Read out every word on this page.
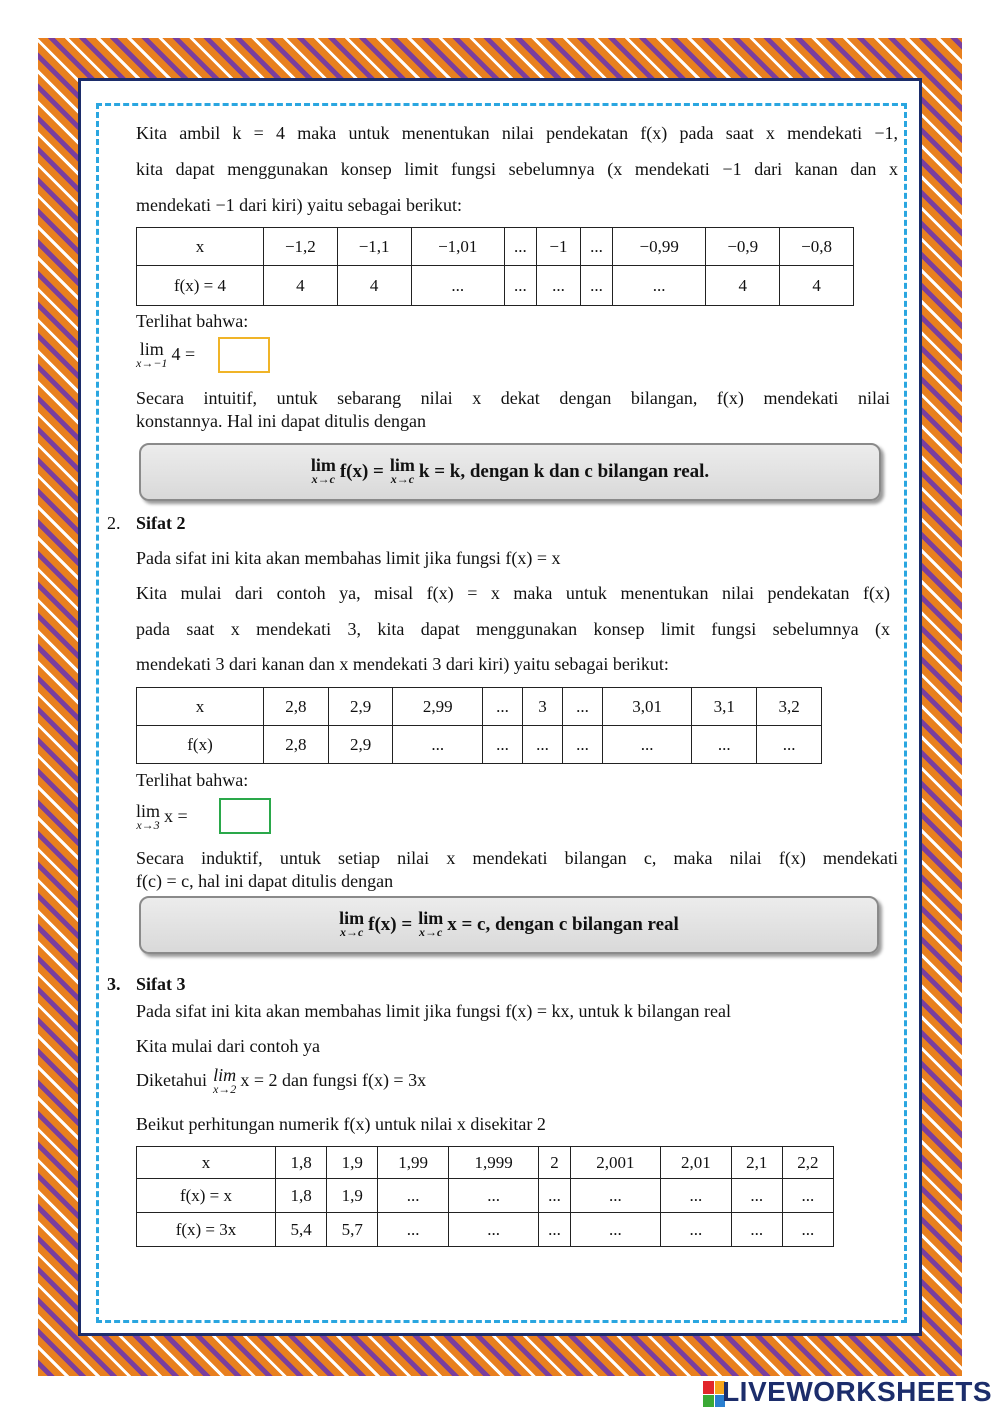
Kita ambil k = 4 maka untuk menentukan nilai pendekatan f(x) pada saat x mendekati −1,
kita dapat menggunakan konsep limit fungsi sebelumnya (x mendekati −1 dari kanan dan x
mendekati −1 dari kiri) yaitu sebagai berikut:
x	−1,2	−1,1	−1,01	...	−1	...	−0,99	−0,9	−0,8
f(x) = 4	4	4	...	...	...	...	...	4	4
Terlihat bahwa:
lim
x→−1 4 =
Secara intuitif, untuk sebarang nilai x dekat dengan bilangan, f(x) mendekati nilai
konstannya. Hal ini dapat ditulis dengan
lim
x→c f(x) = lim
x→c k = k, dengan k dan c bilangan real.
2. Sifat 2
Pada sifat ini kita akan membahas limit jika fungsi f(x) = x
Kita mulai dari contoh ya, misal f(x) = x maka untuk menentukan nilai pendekatan f(x)
pada saat x mendekati 3, kita dapat menggunakan konsep limit fungsi sebelumnya (x
mendekati 3 dari kanan dan x mendekati 3 dari kiri) yaitu sebagai berikut:
x	2,8	2,9	2,99	...	3	...	3,01	3,1	3,2
f(x)	2,8	2,9	...	...	...	...	...	...	...
Terlihat bahwa:
lim
x→3 x =
Secara induktif, untuk setiap nilai x mendekati bilangan c, maka nilai f(x) mendekati
f(c) = c, hal ini dapat ditulis dengan
lim
x→c f(x) = lim
x→c x = c, dengan c bilangan real
3. Sifat 3
Pada sifat ini kita akan membahas limit jika fungsi f(x) = kx, untuk k bilangan real
Kita mulai dari contoh ya
Diketahui lim
x→2 x = 2 dan fungsi f(x) = 3x
Beikut perhitungan numerik f(x) untuk nilai x disekitar 2
x	1,8	1,9	1,99	1,999	2	2,001	2,01	2,1	2,2
f(x) = x	1,8	1,9	...	...	...	...	...	...	...
f(x) = 3x	5,4	5,7	...	...	...	...	...	...	...
LIVEWORKSHEETS
